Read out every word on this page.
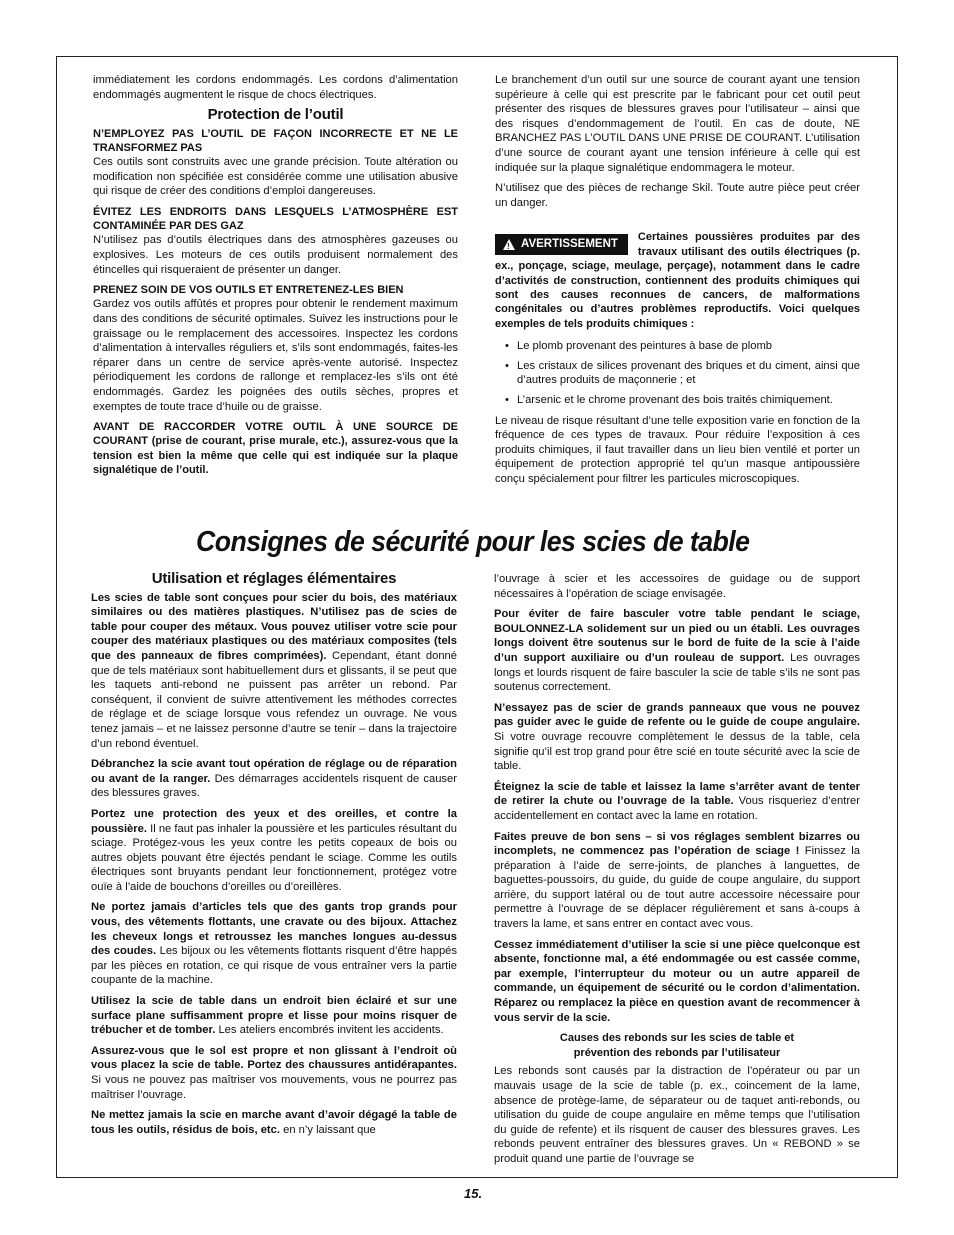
immédiatement les cordons endommagés. Les cordons d’alimentation endommagés augmentent le risque de chocs électriques.

Protection de l’outil
N’EMPLOYEZ PAS L’OUTIL DE FAÇON INCORRECTE ET NE LE TRANSFORMEZ PAS

Ces outils sont construits avec une grande précision. Toute altération ou modification non spécifiée est considérée comme une utilisation abusive qui risque de créer des conditions d’emploi dangereuses.

ÉVITEZ LES ENDROITS DANS LESQUELS L’ATMOSPHÈRE EST CONTAMINÉE PAR DES GAZ

N’utilisez pas d’outils électriques dans des atmosphères gazeuses ou explosives. Les moteurs de ces outils produisent normalement des étincelles qui risqueraient de présenter un danger.

PRENEZ SOIN DE VOS OUTILS ET ENTRETENEZ-LES BIEN

Gardez vos outils affûtés et propres pour obtenir le rendement maximum dans des conditions de sécurité optimales. Suivez les instructions pour le graissage ou le remplacement des accessoires. Inspectez les cordons d’alimentation à intervalles réguliers et, s’ils sont endommagés, faites-les réparer dans un centre de service après-vente autorisé. Inspectez périodiquement les cordons de rallonge et remplacez-les s’ils ont été endommagés. Gardez les poignées des outils sèches, propres et exemptes de toute trace d’huile ou de graisse.

AVANT DE RACCORDER VOTRE OUTIL À UNE SOURCE DE COURANT (prise de courant, prise murale, etc.), assurez-vous que la tension est bien la même que celle qui est indiquée sur la plaque signalétique de l’outil.

Le branchement d’un outil sur une source de courant ayant une tension supérieure à celle qui est prescrite par le fabricant pour cet outil peut présenter des risques de blessures graves pour l’utilisateur – ainsi que des risques d’endommagement de l’outil. En cas de doute, NE BRANCHEZ PAS L’OUTIL DANS UNE PRISE DE COURANT. L’utilisation d’une source de courant ayant une tension inférieure à celle qui est indiquée sur la plaque signalétique endommagera le moteur.

N’utilisez que des pièces de rechange Skil. Toute autre pièce peut créer un danger.

!
AVERTISSEMENT
Certaines poussières produites par des travaux utilisant des outils électriques (p. ex., ponçage, sciage, meulage, perçage), notamment dans le cadre d’activités de construction, contiennent des produits chimiques qui sont des causes reconnues de cancers, de malformations congénitales ou d’autres problèmes reproductifs. Voici quelques exemples de tels produits chimiques :
• Le plomb provenant des peintures à base de plomb
• Les cristaux de silices provenant des briques et du ciment, ainsi que d’autres produits de maçonnerie ; et
• L’arsenic et le chrome provenant des bois traités chimiquement.

Le niveau de risque résultant d’une telle exposition varie en fonction de la fréquence de ces types de travaux. Pour réduire l’exposition à ces produits chimiques, il faut travailler dans un lieu bien ventilé et porter un équipement de protection approprié tel qu’un masque antipoussière conçu spécialement pour filtrer les particules microscopiques.

Consignes de sécurité pour les scies de table
Utilisation et réglages élémentaires

Les scies de table sont conçues pour scier du bois, des matériaux similaires ou des matières plastiques. N’utilisez pas de scies de table pour couper des métaux. Vous pouvez utiliser votre scie pour couper des matériaux plastiques ou des matériaux composites (tels que des panneaux de fibres comprimées). Cependant, étant donné que de tels matériaux sont habituellement durs et glissants, il se peut que les taquets anti-rebond ne puissent pas arrêter un rebond. Par conséquent, il convient de suivre attentivement les méthodes correctes de réglage et de sciage lorsque vous refendez un ouvrage. Ne vous tenez jamais – et ne laissez personne d’autre se tenir – dans la trajectoire d’un rebond éventuel.

Débranchez la scie avant tout opération de réglage ou de réparation ou avant de la ranger. Des démarrages accidentels risquent de causer des blessures graves.

Portez une protection des yeux et des oreilles, et contre la poussière. Il ne faut pas inhaler la poussière et les particules résultant du sciage. Protégez-vous les yeux contre les petits copeaux de bois ou autres objets pouvant être éjectés pendant le sciage. Comme les outils électriques sont bruyants pendant leur fonctionnement, protégez votre ouïe à l’aide de bouchons d’oreilles ou d’oreillères.

Ne portez jamais d’articles tels que des gants trop grands pour vous, des vêtements flottants, une cravate ou des bijoux. Attachez les cheveux longs et retroussez les manches longues au-dessus des coudes. Les bijoux ou les vêtements flottants risquent d’être happés par les pièces en rotation, ce qui risque de vous entraîner vers la partie coupante de la machine.

Utilisez la scie de table dans un endroit bien éclairé et sur une surface plane suffisamment propre et lisse pour moins risquer de trébucher et de tomber. Les ateliers encombrés invitent les accidents.

Assurez-vous que le sol est propre et non glissant à l’endroit où vous placez la scie de table. Portez des chaussures antidérapantes. Si vous ne pouvez pas maîtriser vos mouvements, vous ne pourrez pas maîtriser l’ouvrage.

Ne mettez jamais la scie en marche avant d’avoir dégagé la table de tous les outils, résidus de bois, etc. en n’y laissant que

l’ouvrage à scier et les accessoires de guidage ou de support nécessaires à l’opération de sciage envisagée.

Pour éviter de faire basculer votre table pendant le sciage, BOULONNEZ-LA solidement sur un pied ou un établi. Les ouvrages longs doivent être soutenus sur le bord de fuite de la scie à l’aide d’un support auxiliaire ou d’un rouleau de support. Les ouvrages longs et lourds risquent de faire basculer la scie de table s’ils ne sont pas soutenus correctement.

N’essayez pas de scier de grands panneaux que vous ne pouvez pas guider avec le guide de refente ou le guide de coupe angulaire. Si votre ouvrage recouvre complètement le dessus de la table, cela signifie qu’il est trop grand pour être scié en toute sécurité avec la scie de table.

Éteignez la scie de table et laissez la lame s’arrêter avant de tenter de retirer la chute ou l’ouvrage de la table. Vous risqueriez d’entrer accidentellement en contact avec la lame en rotation.

Faites preuve de bon sens – si vos réglages semblent bizarres ou incomplets, ne commencez pas l’opération de sciage ! Finissez la préparation à l’aide de serre-joints, de planches à languettes, de baguettes-poussoirs, du guide, du guide de coupe angulaire, du support arrière, du support latéral ou de tout autre accessoire nécessaire pour permettre à l’ouvrage de se déplacer régulièrement et sans à-coups à travers la lame, et sans entrer en contact avec vous.

Cessez immédiatement d’utiliser la scie si une pièce quelconque est absente, fonctionne mal, a été endommagée ou est cassée comme, par exemple, l’interrupteur du moteur ou un autre appareil de commande, un équipement de sécurité ou le cordon d’alimentation. Réparez ou remplacez la pièce en question avant de recommencer à vous servir de la scie.

Causes des rebonds sur les scies de table et
prévention des rebonds par l’utilisateur

Les rebonds sont causés par la distraction de l’opérateur ou par un mauvais usage de la scie de table (p. ex., coincement de la lame, absence de protège-lame, de séparateur ou de taquet anti-rebonds, ou utilisation du guide de coupe angulaire en même temps que l’utilisation du guide de refente) et ils risquent de causer des blessures graves. Les rebonds peuvent entraîner des blessures graves. Un « REBOND » se produit quand une partie de l’ouvrage se

15.
